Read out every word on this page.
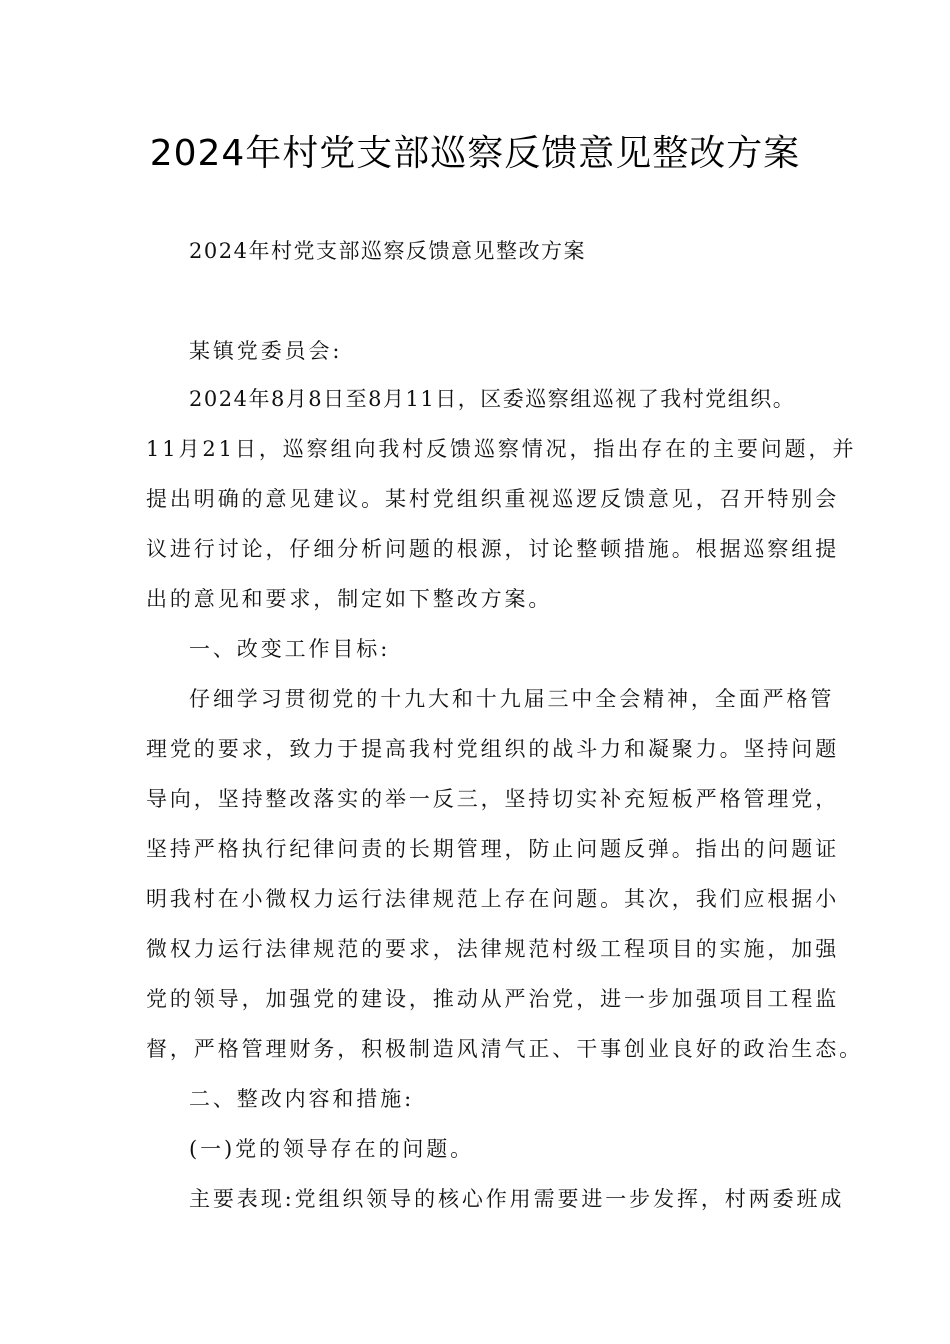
2024年村党支部巡察反馈意见整改方案
2024年村党支部巡察反馈意见整改方案
某镇党委员会:
2024年8月8日至8月11日，区委巡察组巡视了我村党组织。
11月21日，巡察组向我村反馈巡察情况，指出存在的主要问题，并
提出明确的意见建议。某村党组织重视巡逻反馈意见，召开特别会
议进行讨论，仔细分析问题的根源，讨论整顿措施。根据巡察组提
出的意见和要求，制定如下整改方案。
一、改变工作目标:
仔细学习贯彻党的十九大和十九届三中全会精神，全面严格管
理党的要求，致力于提高我村党组织的战斗力和凝聚力。坚持问题
导向，坚持整改落实的举一反三，坚持切实补充短板严格管理党，
坚持严格执行纪律问责的长期管理，防止问题反弹。指出的问题证
明我村在小微权力运行法律规范上存在问题。其次，我们应根据小
微权力运行法律规范的要求，法律规范村级工程项目的实施，加强
党的领导，加强党的建设，推动从严治党，进一步加强项目工程监
督，严格管理财务，积极制造风清气正、干事创业良好的政治生态。
二、整改内容和措施:
(一)党的领导存在的问题。
主要表现:党组织领导的核心作用需要进一步发挥，村两委班成
